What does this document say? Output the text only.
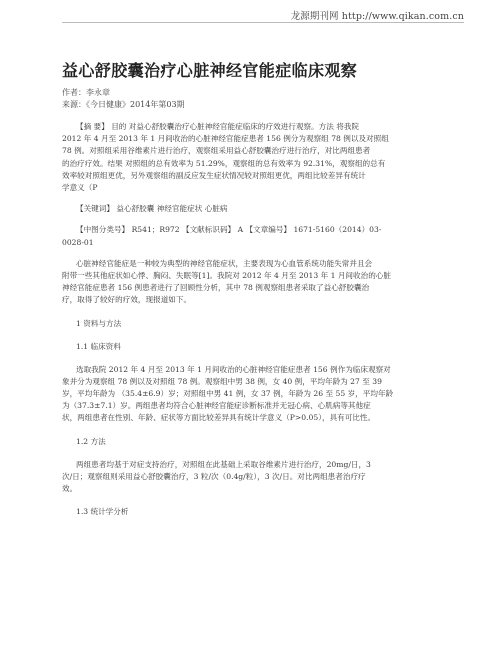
龙源期刊网 http://www.qikan.com.cn
益心舒胶囊治疗心脏神经官能症临床观察
作者：李永章
来源：《今日健康》2014年第03期

【摘 要】 目的 对益心舒胶囊治疗心脏神经官能症临床的疗效进行观察。方法 将我院

2012 年 4 月至 2013 年 1 月间收治的心脏神经官能症患者 156 例分为观察组 78 例以及对照组

78 例。对照组采用谷维素片进行治疗，观察组采用益心舒胶囊治疗进行治疗，对比两组患者

的治疗疗效。结果 对照组的总有效率为 51.29%，观察组的总有效率为 92.31%，观察组的总有

效率较对照组更优，另外观察组的副反应发生症状情况较对照组更优，两组比较差异有统计

学意义（P

【关键词】 益心舒胶囊 神经官能症状 心脏病

【中图分类号】 R541；R972 【文献标识码】 A 【文章编号】 1671-5160（2014）03-

0028-01

心脏神经官能症是一种较为典型的神经官能症状，主要表现为心血管系统功能失常并且会

附带一些其他症状如心悸、胸闷、失眠等[1]。我院对 2012 年 4 月至 2013 年 1 月间收治的心脏

神经官能症患者 156 例患者进行了回顾性分析，其中 78 例观察组患者采取了益心舒胶囊治

疗，取得了较好的疗效，现报道如下。

1 资料与方法
1.1 临床资料

选取我院 2012 年 4 月至 2013 年 1 月间收治的心脏神经官能症患者 156 例作为临床观察对

象并分为观察组 78 例以及对照组 78 例。观察组中男 38 例，女 40 例，平均年龄为 27 至 39

岁，平均年龄为 （35.4±6.9）岁；对照组中男 41 例，女 37 例，年龄为 26 至 55 岁，平均年龄

为（37.3±7.1）岁。两组患者均符合心脏神经官能症诊断标准并无冠心病、心肌病等其他症

状，两组患者在性别、年龄、症状等方面比较差异具有统计学意义（P>0.05），具有可比性。

1.2 方法

两组患者均基于对症支持治疗，对照组在此基础上采取谷维素片进行治疗，20mg/日，3

次/日；观察组则采用益心舒胶囊治疗，3 粒/次（0.4g/粒），3 次/日。对比两组患者治疗疗

效。

1.3 统计学分析
